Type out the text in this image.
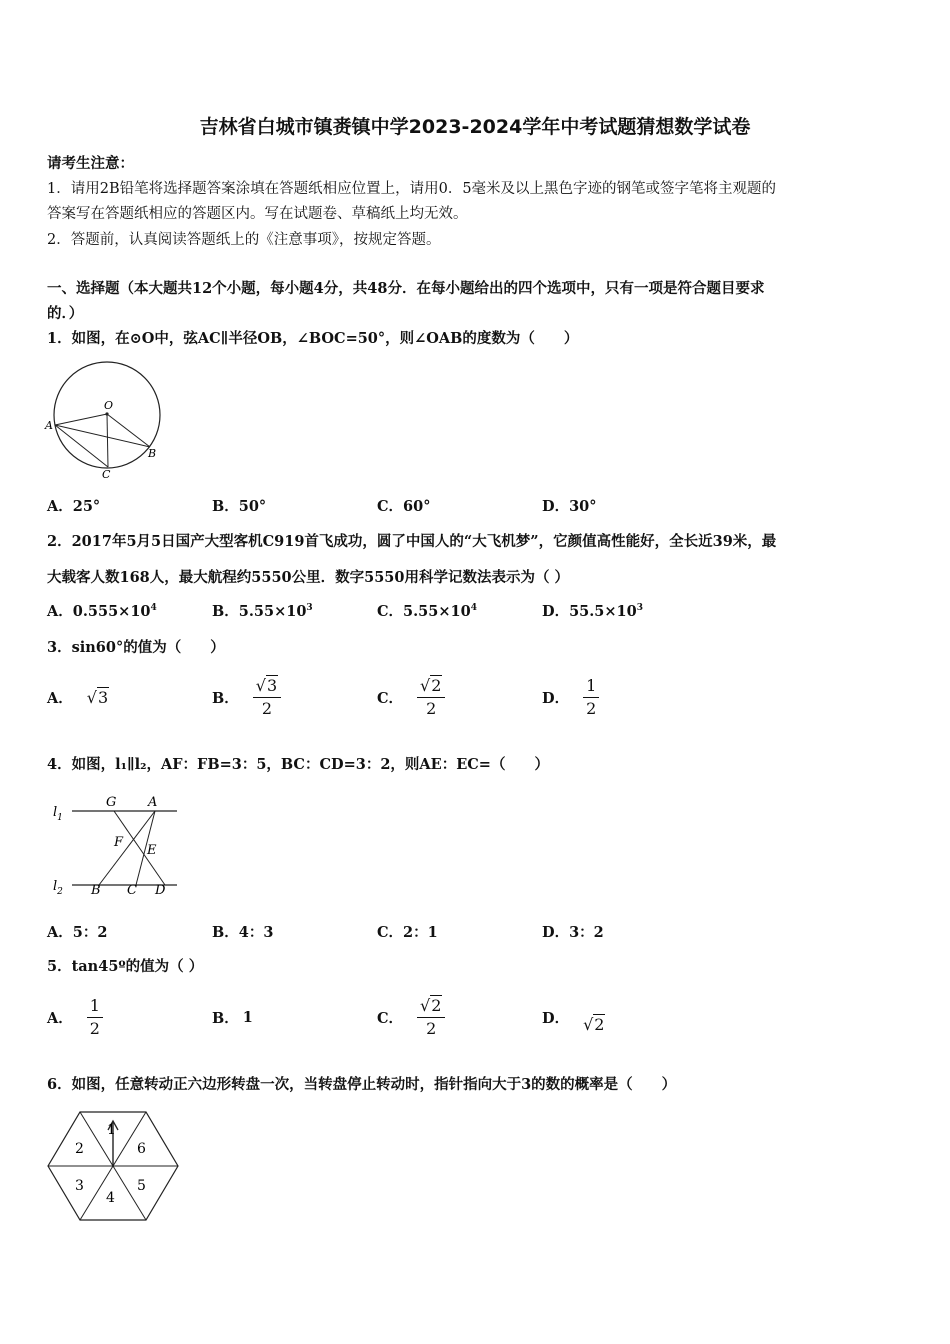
吉林省白城市镇赉镇中学2023-2024学年中考试题猜想数学试卷
请考生注意：
1．请用2B铅笔将选择题答案涂填在答题纸相应位置上，请用0．5毫米及以上黑色字迹的钢笔或签字笔将主观题的
答案写在答题纸相应的答题区内。写在试题卷、草稿纸上均无效。
2．答题前，认真阅读答题纸上的《注意事项》，按规定答题。
一、选择题（本大题共12个小题，每小题4分，共48分．在每小题给出的四个选项中，只有一项是符合题目要求
的．）
1．如图，在⊙O中，弦AC∥半径OB，∠BOC=50°，则∠OAB的度数为（　　）
O
A
B
C
A．25°	B．50°	C．60°	D．30°
2．2017年5月5日国产大型客机C919首飞成功，圆了中国人的“大飞机梦”，它颜值高性能好，全长近39米，最
大载客人数168人，最大航程约5550公里．数字5550用科学记数法表示为（ ）
A．$0.555\times 10^4$	B．$5.55\times 10^3$	C．$5.55\times 10^4$	D．$55.5\times 10^3$
3．sin60°的值为（　　）
A． √3	B． $\frac{√3}{2}$	C． $\frac{√2}{2}$	D． $\frac{1}{2}$
4．如图，l₁∥l₂，AF：FB=3：5，BC：CD=3：2，则AE：EC=（　　）
$l_1$
$l_2$
G A
F
E
B C D
A．5：2	B．4：3	C．2：1	D．3：2
5．tan45º的值为（ ）
A． $\frac{1}{2}$	B． 1	C． $\frac{√2}{2}$	D． √2
6．如图，任意转动正六边形转盘一次，当转盘停止转动时，指针指向大于3的数的概率是（　　）
1
6
5
4
3
2
